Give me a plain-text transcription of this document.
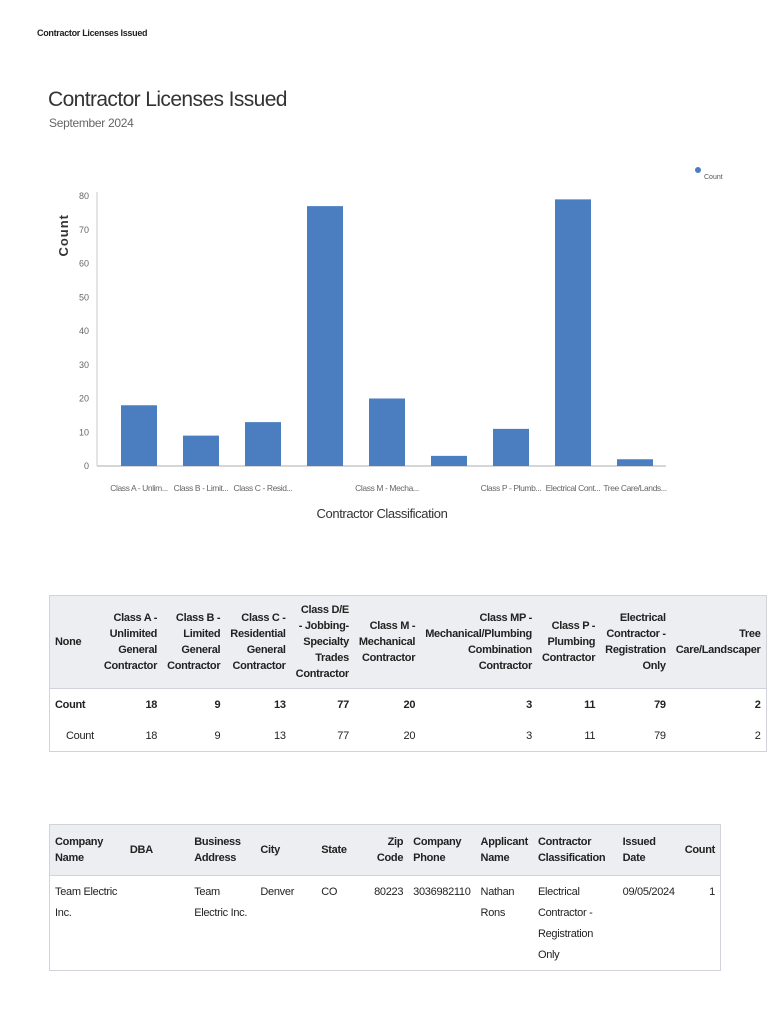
Contractor Licenses Issued
Contractor Licenses Issued
September 2024
Count
0
10
20
30
40
50
60
70
80
Class A - Unlim... Class B - Limit... Class C - Resid...	Class M - Mecha...	Class P - Plumb... Electrical Cont... Tree Care/Lands...
Contractor Classification
Count
None	Class A - Unlimited General Contractor	Class B - Limited General Contractor	Class C - Residential General Contractor	Class D/E - Jobbing- Specialty Trades Contractor	Class M - Mechanical Contractor	Class MP - Mechanical/Plumbing Combination Contractor	Class P - Plumbing Contractor	Electrical Contractor - Registration Only	Tree Care/Landscaper
Count	18	9	13	77	20	3	11	79	2
Count	18	9	13	77	20	3	11	79	2
Company Name	DBA	Business Address	City	State	Zip Code	Company Phone	Applicant Name	Contractor Classification	Issued Date	Count
Team Electric Inc.		Team Electric Inc.	Denver	CO	80223	3036982110	Nathan Rons	Electrical Contractor - Registration Only	09/05/2024	1
